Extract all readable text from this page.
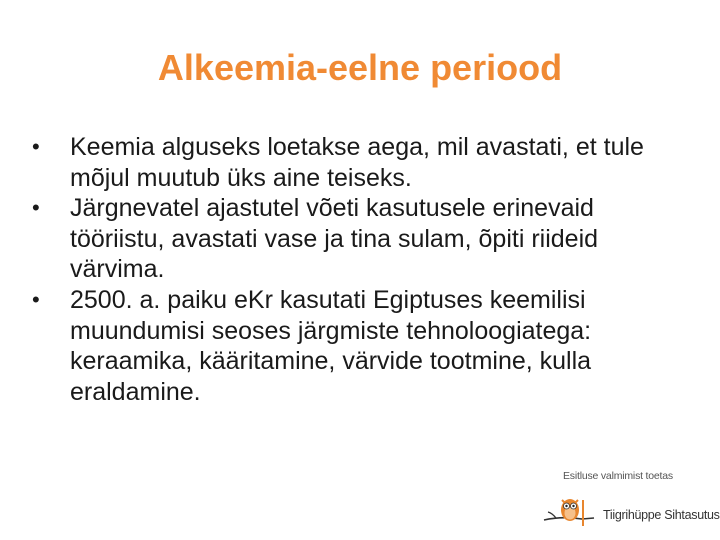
Alkeemia-eelne periood
• Keemia alguseks loetakse aega, mil avastati, et tule mõjul muutub üks aine teiseks.
• Järgnevatel ajastutel võeti kasutusele erinevaid tööriistu, avastati vase ja tina sulam, õpiti riideid värvima.
• 2500. a. paiku eKr kasutati Egiptuses keemilisi muundumisi seoses järgmiste tehnoloogiatega: keraamika, kääritamine, värvide tootmine, kulla eraldamine.
Esitluse valmimist toetas
Tiigrihüppe Sihtasutus
